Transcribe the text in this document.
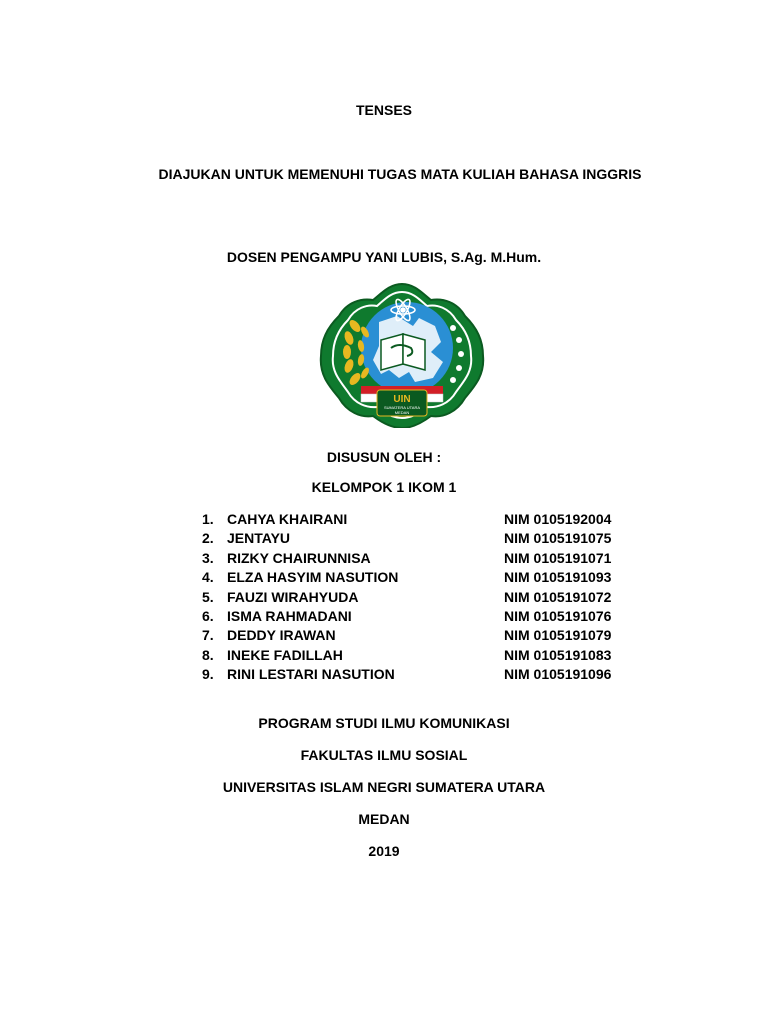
TENSES
DIAJUKAN UNTUK MEMENUHI TUGAS MATA KULIAH BAHASA INGGRIS
DOSEN PENGAMPU YANI LUBIS, S.Ag. M.Hum.
UIN
SUMATERA UTARA
MEDAN
DISUSUN OLEH :
KELOMPOK 1 IKOM 1
1. CAHYA KHAIRANI	NIM 0105192004
2. JENTAYU	NIM 0105191075
3. RIZKY CHAIRUNNISA	NIM 0105191071
4. ELZA HASYIM NASUTION	NIM 0105191093
5. FAUZI WIRAHYUDA	NIM 0105191072
6. ISMA RAHMADANI	NIM 0105191076
7. DEDDY IRAWAN	NIM 0105191079
8. INEKE FADILLAH	NIM 0105191083
9. RINI LESTARI NASUTION	NIM 0105191096
PROGRAM STUDI ILMU KOMUNIKASI
FAKULTAS ILMU SOSIAL
UNIVERSITAS ISLAM NEGRI SUMATERA UTARA
MEDAN
2019
